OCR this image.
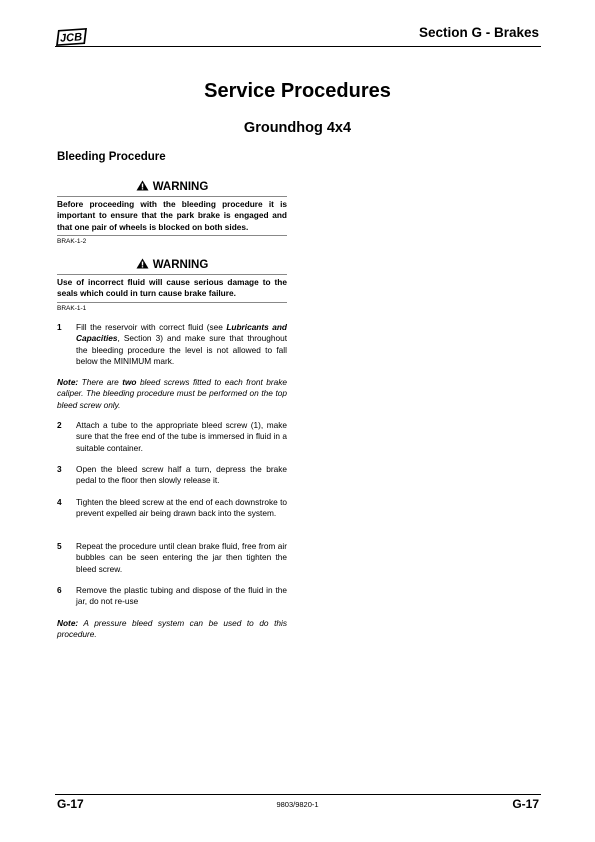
JCB	Section G - Brakes
Service Procedures
Groundhog 4x4
Bleeding Procedure
WARNING
Before proceeding with the bleeding procedure it is important to ensure that the park brake is engaged and that one pair of wheels is blocked on both sides.
BRAK-1-2
WARNING
Use of incorrect fluid will cause serious damage to the seals which could in turn cause brake failure.
BRAK-1-1
1 Fill the reservoir with correct fluid (see Lubricants and Capacities, Section 3) and make sure that throughout the bleeding procedure the level is not allowed to fall below the MINIMUM mark.
Note: There are two bleed screws fitted to each front brake caliper. The bleeding procedure must be performed on the top bleed screw only.
2 Attach a tube to the appropriate bleed screw (1), make sure that the free end of the tube is immersed in fluid in a suitable container.
3 Open the bleed screw half a turn, depress the brake pedal to the floor then slowly release it.
4 Tighten the bleed screw at the end of each downstroke to prevent expelled air being drawn back into the system.
5 Repeat the procedure until clean brake fluid, free from air bubbles can be seen entering the jar then tighten the bleed screw.
6 Remove the plastic tubing and dispose of the fluid in the jar, do not re-use
Note: A pressure bleed system can be used to do this procedure.
G-17	9803/9820-1	G-17
